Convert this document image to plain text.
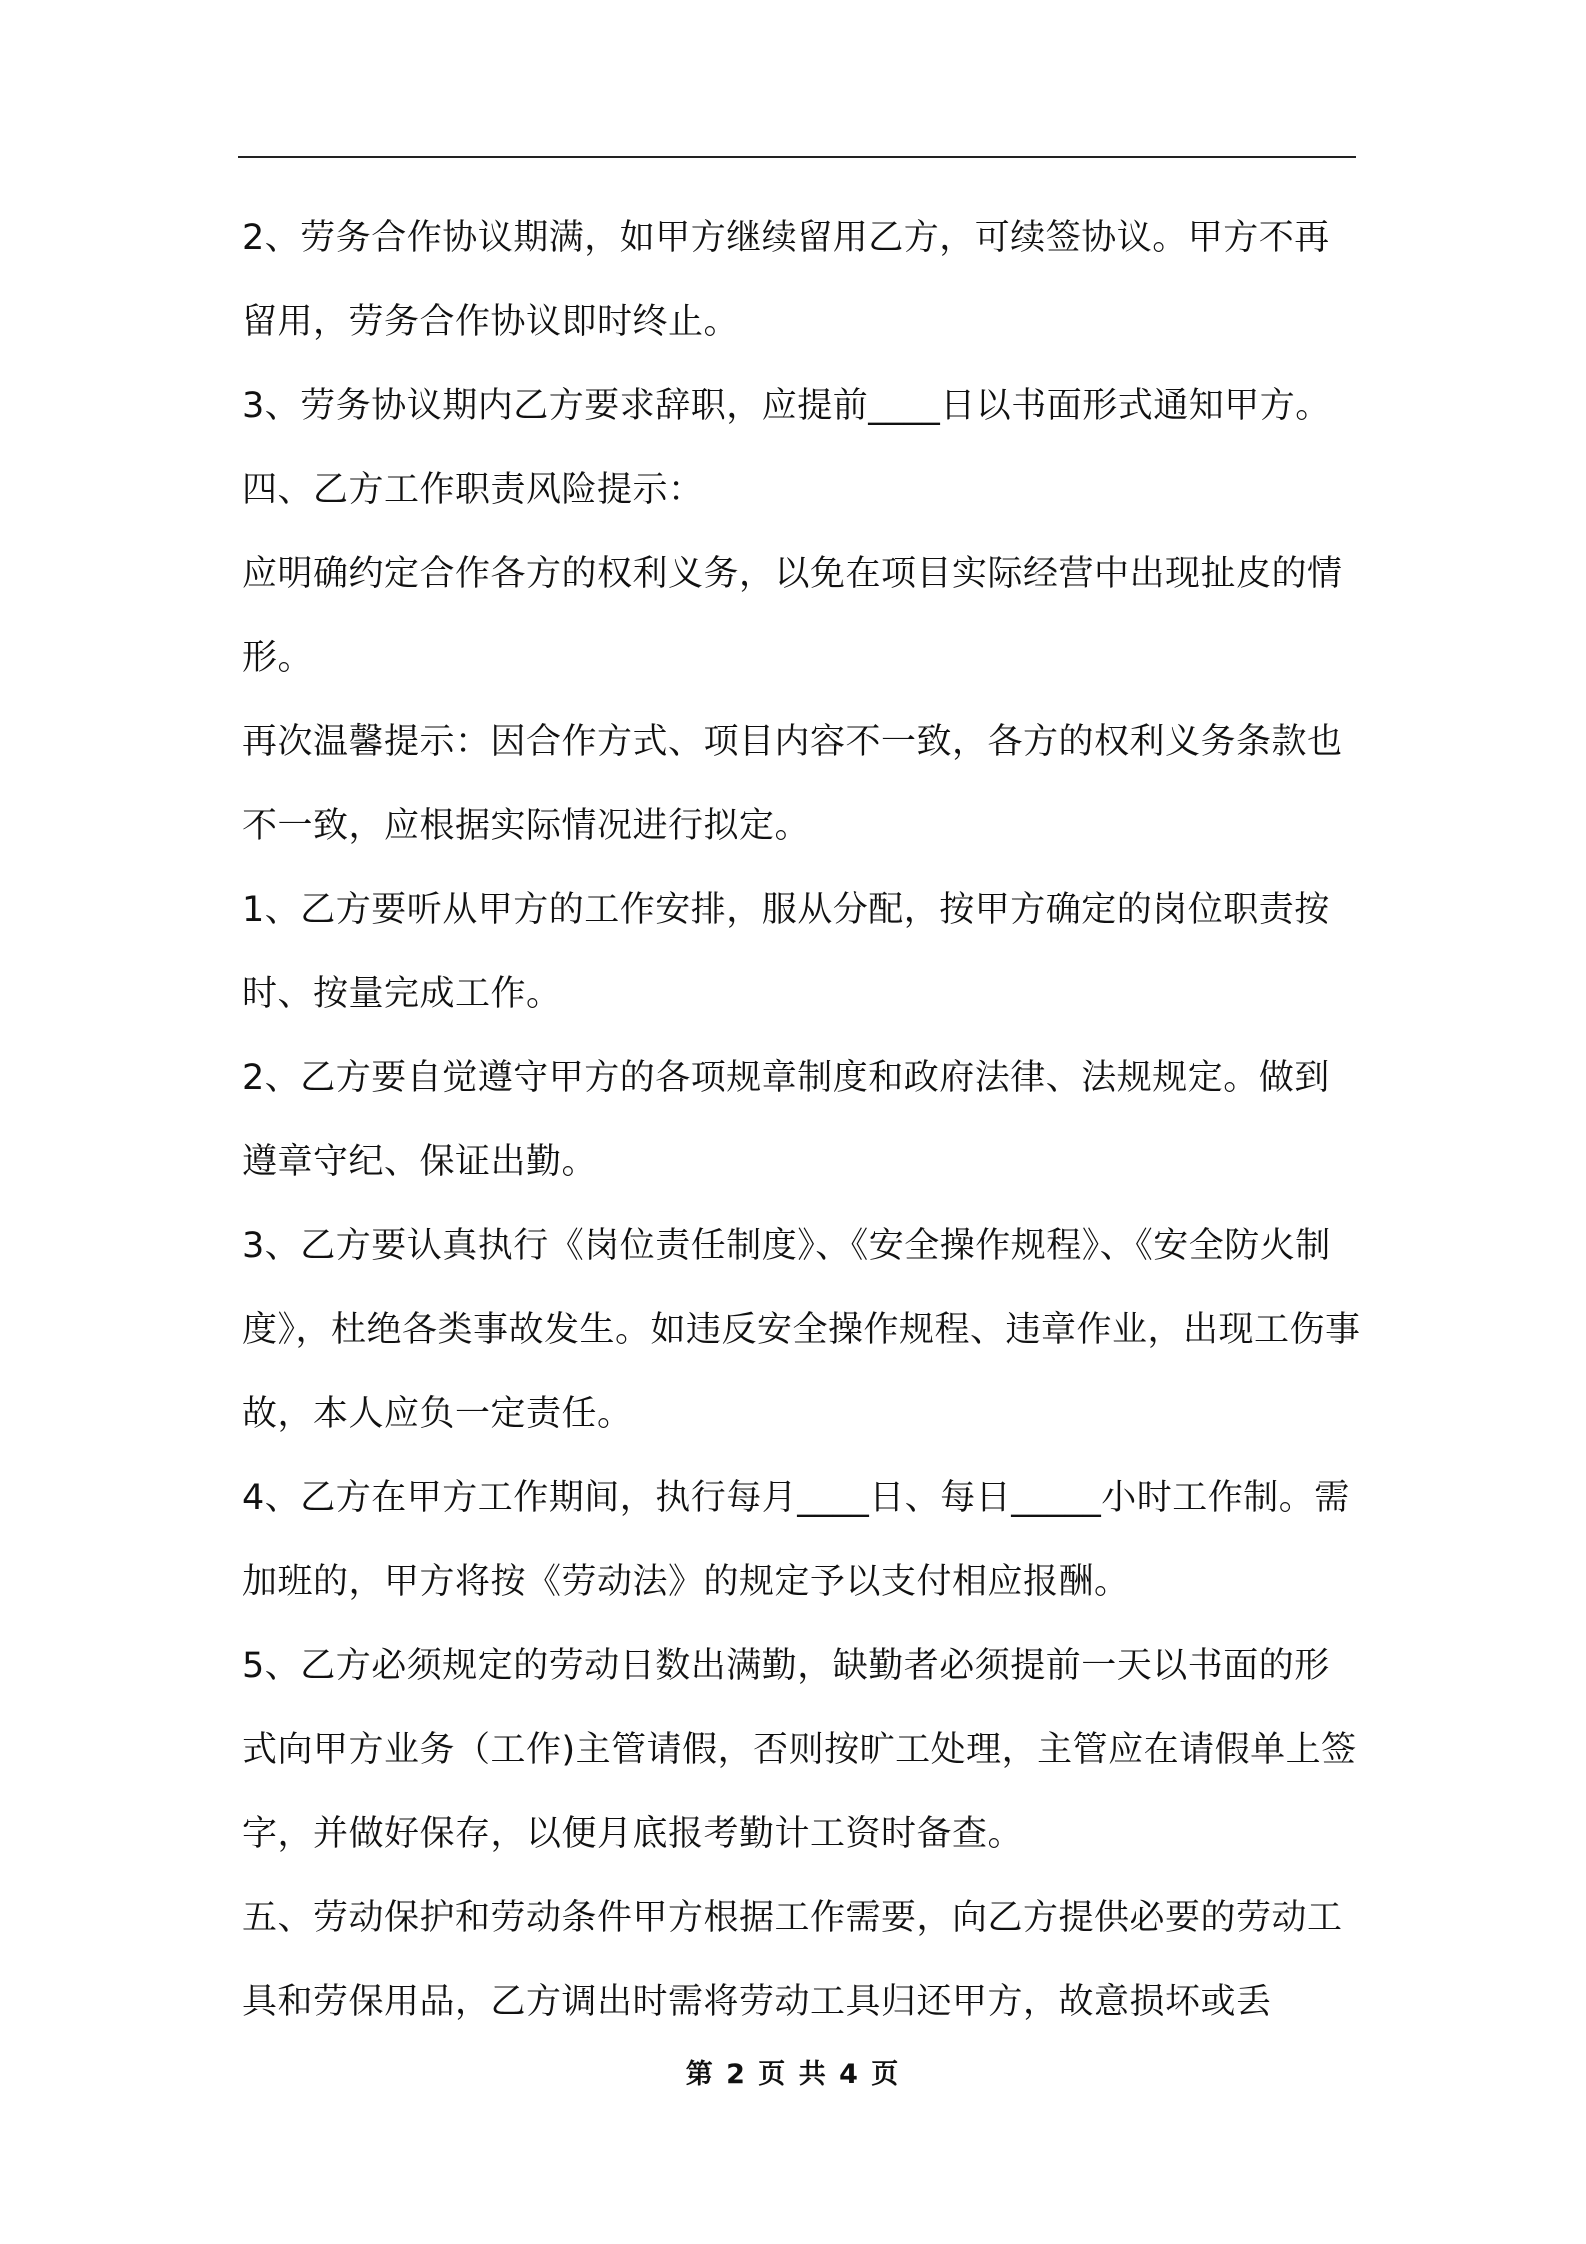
2、劳务合作协议期满，如甲方继续留用乙方，可续签协议。甲方不再留用，劳务合作协议即时终止。

3、劳务协议期内乙方要求辞职，应提前____日以书面形式通知甲方。

四、乙方工作职责风险提示：

应明确约定合作各方的权利义务，以免在项目实际经营中出现扯皮的情形。

再次温馨提示：因合作方式、项目内容不一致，各方的权利义务条款也不一致，应根据实际情况进行拟定。

1、乙方要听从甲方的工作安排，服从分配，按甲方确定的岗位职责按时、按量完成工作。

2、乙方要自觉遵守甲方的各项规章制度和政府法律、法规规定。做到遵章守纪、保证出勤。

3、乙方要认真执行《岗位责任制度》、《安全操作规程》、《安全防火制度》，杜绝各类事故发生。如违反安全操作规程、违章作业，出现工伤事故，本人应负一定责任。

4、乙方在甲方工作期间，执行每月____日、每日_____小时工作制。需加班的，甲方将按《劳动法》的规定予以支付相应报酬。

5、乙方必须规定的劳动日数出满勤，缺勤者必须提前一天以书面的形式向甲方业务（工作)主管请假，否则按旷工处理，主管应在请假单上签字，并做好保存，以便月底报考勤计工资时备查。

五、劳动保护和劳动条件甲方根据工作需要，向乙方提供必要的劳动工具和劳保用品，乙方调出时需将劳动工具归还甲方，故意损坏或丢

第 2 页 共 4 页
